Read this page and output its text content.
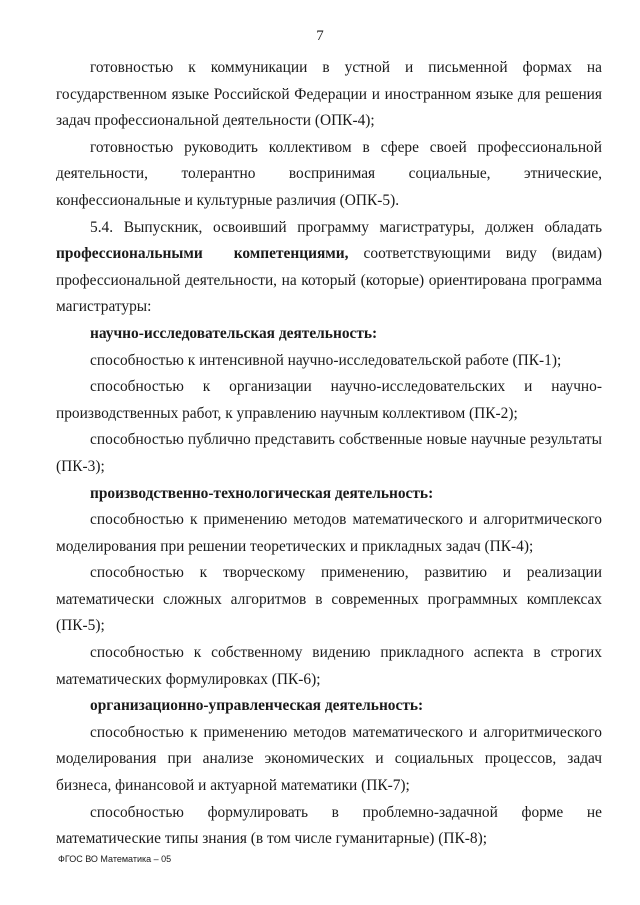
7

готовностью к коммуникации в устной и письменной формах на государственном языке Российской Федерации и иностранном языке для решения задач профессиональной деятельности (ОПК-4);

готовностью руководить коллективом в сфере своей профессиональной деятельности, толерантно воспринимая социальные, этнические, конфессиональные и культурные различия (ОПК-5).

5.4. Выпускник, освоивший программу магистратуры, должен обладать профессиональными компетенциями, соответствующими виду (видам) профессиональной деятельности, на который (которые) ориентирована программа магистратуры:

научно-исследовательская деятельность:

способностью к интенсивной научно-исследовательской работе (ПК-1);

способностью к организации научно-исследовательских и научно-производственных работ, к управлению научным коллективом (ПК-2);

способностью публично представить собственные новые научные результаты (ПК-3);

производственно-технологическая деятельность:

способностью к применению методов математического и алгоритмического моделирования при решении теоретических и прикладных задач (ПК-4);

способностью к творческому применению, развитию и реализации математически сложных алгоритмов в современных программных комплексах (ПК-5);

способностью к собственному видению прикладного аспекта в строгих математических формулировках (ПК-6);

организационно-управленческая деятельность:

способностью к применению методов математического и алгоритмического моделирования при анализе экономических и социальных процессов, задач бизнеса, финансовой и актуарной математики (ПК-7);

способностью формулировать в проблемно-задачной форме не математические типы знания (в том числе гуманитарные) (ПК-8);

ФГОС ВО Математика – 05
